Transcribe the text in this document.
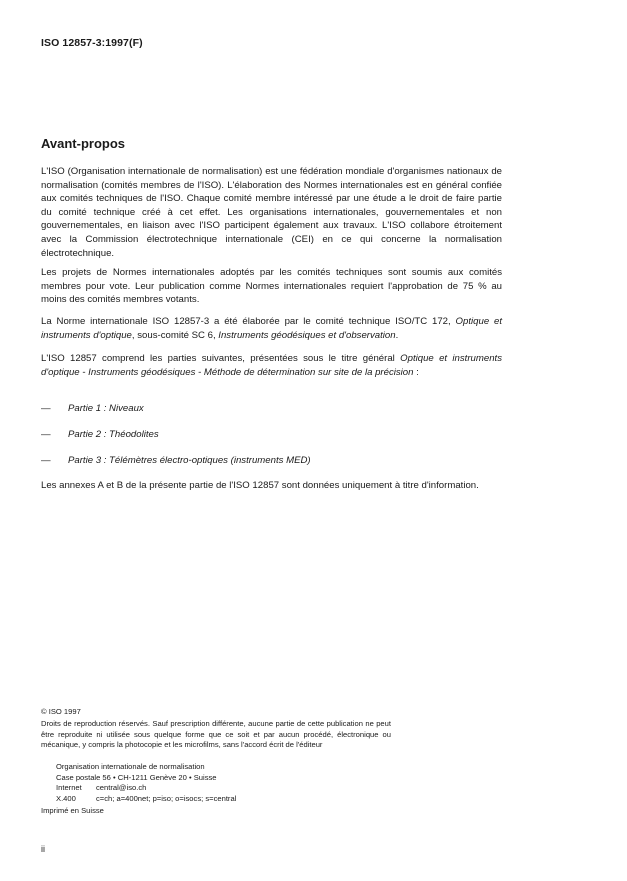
ISO 12857-3:1997(F)
Avant-propos

L'ISO (Organisation internationale de normalisation) est une fédération mondiale d'organismes nationaux de normalisation (comités membres de l'ISO). L'élaboration des Normes internationales est en général confiée aux comités techniques de l'ISO. Chaque comité membre intéressé par une étude a le droit de faire partie du comité technique créé à cet effet. Les organisations internationales, gouvernementales et non gouvernementales, en liaison avec l'ISO participent également aux travaux. L'ISO collabore étroitement avec la Commission électrotechnique internationale (CEI) en ce qui concerne la normalisation électrotechnique.

Les projets de Normes internationales adoptés par les comités techniques sont soumis aux comités membres pour vote. Leur publication comme Normes internationales requiert l'approbation de 75 % au moins des comités membres votants.

La Norme internationale ISO 12857-3 a été élaborée par le comité technique ISO/TC 172, Optique et instruments d'optique, sous-comité SC 6, Instruments géodésiques et d'observation.

L'ISO 12857 comprend les parties suivantes, présentées sous le titre général Optique et instruments d'optique - Instruments géodésiques - Méthode de détermination sur site de la précision :

— Partie 1 : Niveaux
— Partie 2 : Théodolites
— Partie 3 : Télémètres électro-optiques (instruments MED)

Les annexes A et B de la présente partie de l'ISO 12857 sont données uniquement à titre d'information.

© ISO 1997
Droits de reproduction réservés. Sauf prescription différente, aucune partie de cette publication ne peut être reproduite ni utilisée sous quelque forme que ce soit et par aucun procédé, électronique ou mécanique, y compris la photocopie et les microfilms, sans l'accord écrit de l'éditeur
Organisation internationale de normalisation
Case postale 56 • CH-1211 Genève 20 • Suisse
Internet central@iso.ch
X.400	c=ch; a=400net; p=iso; o=isocs; s=central
Imprimé en Suisse
ii
